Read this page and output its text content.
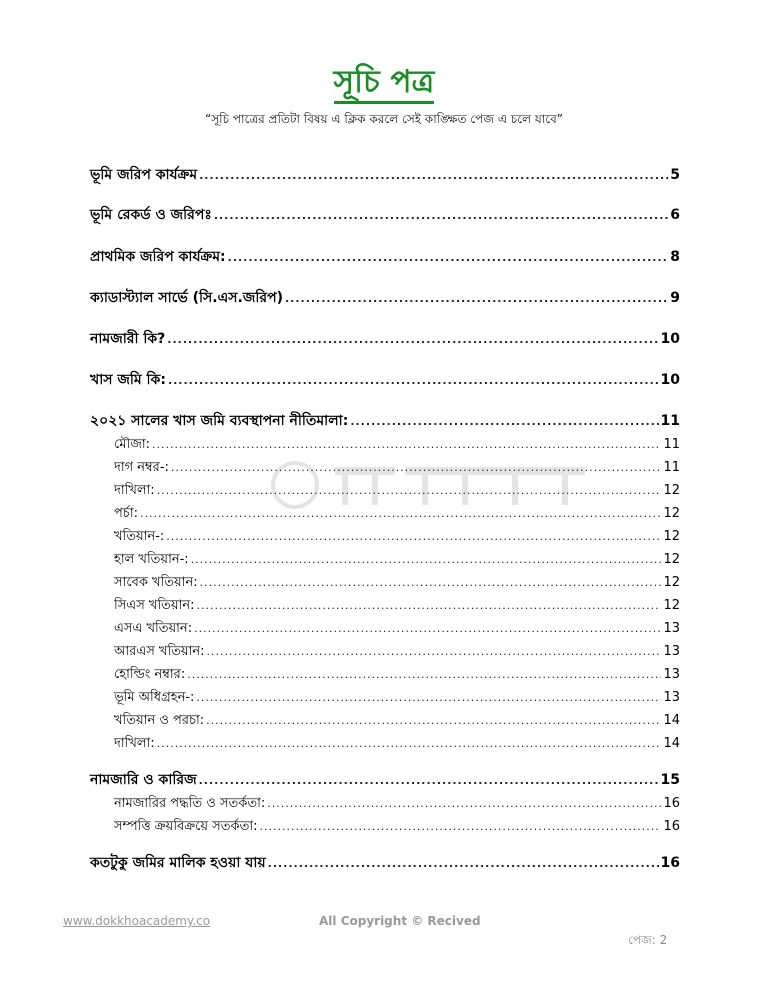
সূচি পত্র
“সূচি পাত্রের প্রতিটা বিষয় এ ক্লিক করলে সেই কাঙ্ক্ষিত পেজ এ চলে যাবে”
ভূমি জরিপ কার্যক্রম .....	5
ভূমি রেকর্ড ও জরিপঃ .....	6
প্রাথমিক জরিপ কার্যক্রম: .....	8
ক্যাডাস্ট্যাল সার্ভে (সি.এস.জরিপ) .....	9
নামজারী কি? .....	10
খাস জমি কি: .....	10
২০২১ সালের খাস জমি ব্যবস্থাপনা নীতিমালা: .....	11
মৌজা: .....	11
দাগ নম্বর-: .....	11
দাখিলা: .....	12
পর্চা: .....	12
খতিয়ান-: .....	12
হাল খতিয়ান-: .....	12
সাবেক খতিয়ান: .....	12
সিএস খতিয়ান: .....	12
এসএ খতিয়ান: .....	13
আরএস খতিয়ান: .....	13
হোল্ডিং নম্বার: .....	13
ভূমি অধিগ্রহন-: .....	13
খতিয়ান ও পরচা: .....	14
দাখিলা: .....	14
নামজারি ও কারিজ .....	15
নামজারির পদ্ধতি ও সতর্কতা: .....	16
সম্পত্তি ক্রয়বিক্রয়ে সতর্কতা: .....	16
কতটুকু জমির মালিক হওয়া যায় .....	16
www.dokkhoacademy.co	All Copyright © Recived
পেজ: 2
